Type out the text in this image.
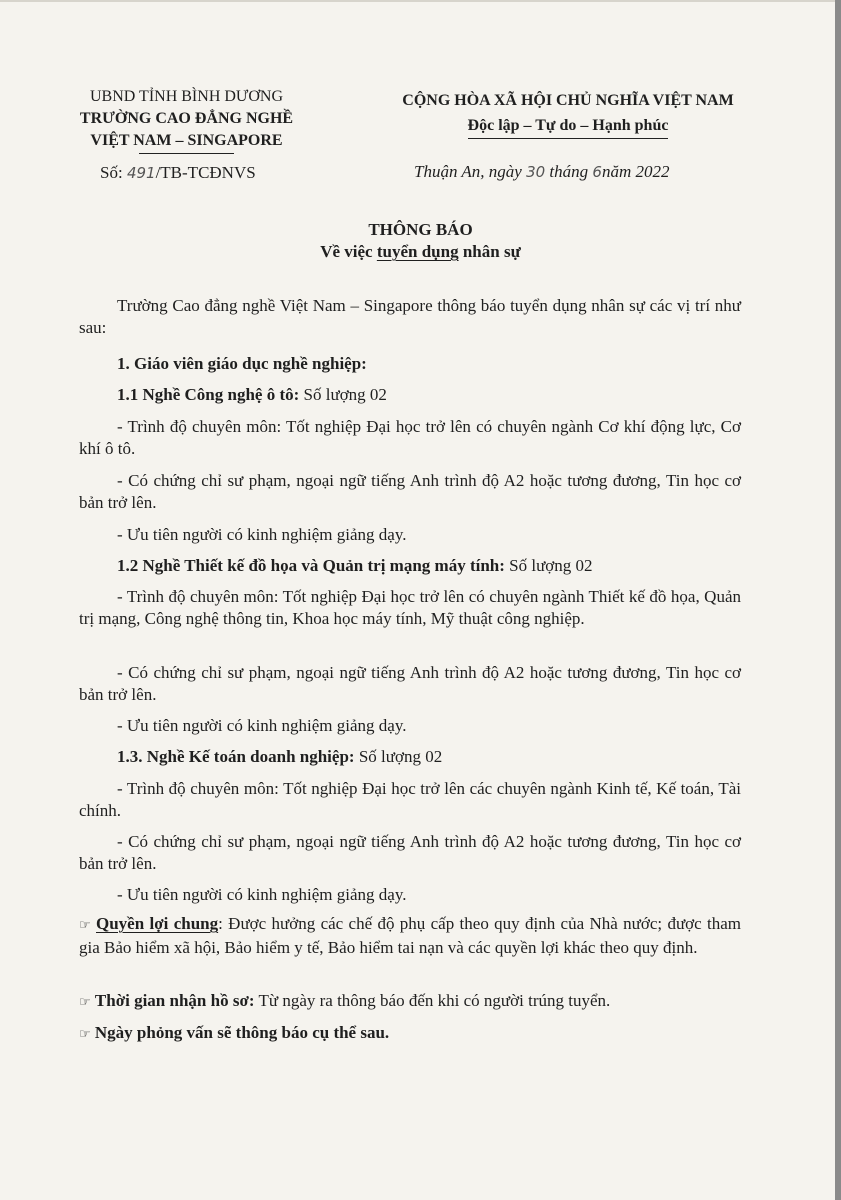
UBND TỈNH BÌNH DƯƠNG
TRƯỜNG CAO ĐẲNG NGHỀ
VIỆT NAM – SINGAPORE
Số: 491/TB-TCĐNVS
CỘNG HÒA XÃ HỘI CHỦ NGHĨA VIỆT NAM
Độc lập – Tự do – Hạnh phúc
Thuận An, ngày 30 tháng 6năm 2022
THÔNG BÁO
Về việc tuyển dụng nhân sự
Trường Cao đẳng nghề Việt Nam – Singapore thông báo tuyển dụng nhân sự các vị trí như sau:
1. Giáo viên giáo dục nghề nghiệp:
1.1 Nghề Công nghệ ô tô: Số lượng 02
- Trình độ chuyên môn: Tốt nghiệp Đại học trở lên có chuyên ngành Cơ khí động lực, Cơ khí ô tô.
- Có chứng chỉ sư phạm, ngoại ngữ tiếng Anh trình độ A2 hoặc tương đương, Tin học cơ bản trở lên.
- Ưu tiên người có kinh nghiệm giảng dạy.
1.2 Nghề Thiết kế đồ họa và Quản trị mạng máy tính: Số lượng 02
- Trình độ chuyên môn: Tốt nghiệp Đại học trở lên có chuyên ngành Thiết kế đồ họa, Quản trị mạng, Công nghệ thông tin, Khoa học máy tính, Mỹ thuật công nghiệp.
- Có chứng chỉ sư phạm, ngoại ngữ tiếng Anh trình độ A2 hoặc tương đương, Tin học cơ bản trở lên.
- Ưu tiên người có kinh nghiệm giảng dạy.
1.3. Nghề Kế toán doanh nghiệp: Số lượng 02
- Trình độ chuyên môn: Tốt nghiệp Đại học trở lên các chuyên ngành Kinh tế, Kế toán, Tài chính.
- Có chứng chỉ sư phạm, ngoại ngữ tiếng Anh trình độ A2 hoặc tương đương, Tin học cơ bản trở lên.
- Ưu tiên người có kinh nghiệm giảng dạy.
☞ Quyền lợi chung: Được hưởng các chế độ phụ cấp theo quy định của Nhà nước; được tham gia Bảo hiểm xã hội, Bảo hiểm y tế, Bảo hiểm tai nạn và các quyền lợi khác theo quy định.
☞ Thời gian nhận hồ sơ: Từ ngày ra thông báo đến khi có người trúng tuyển.
☞ Ngày phỏng vấn sẽ thông báo cụ thể sau.
